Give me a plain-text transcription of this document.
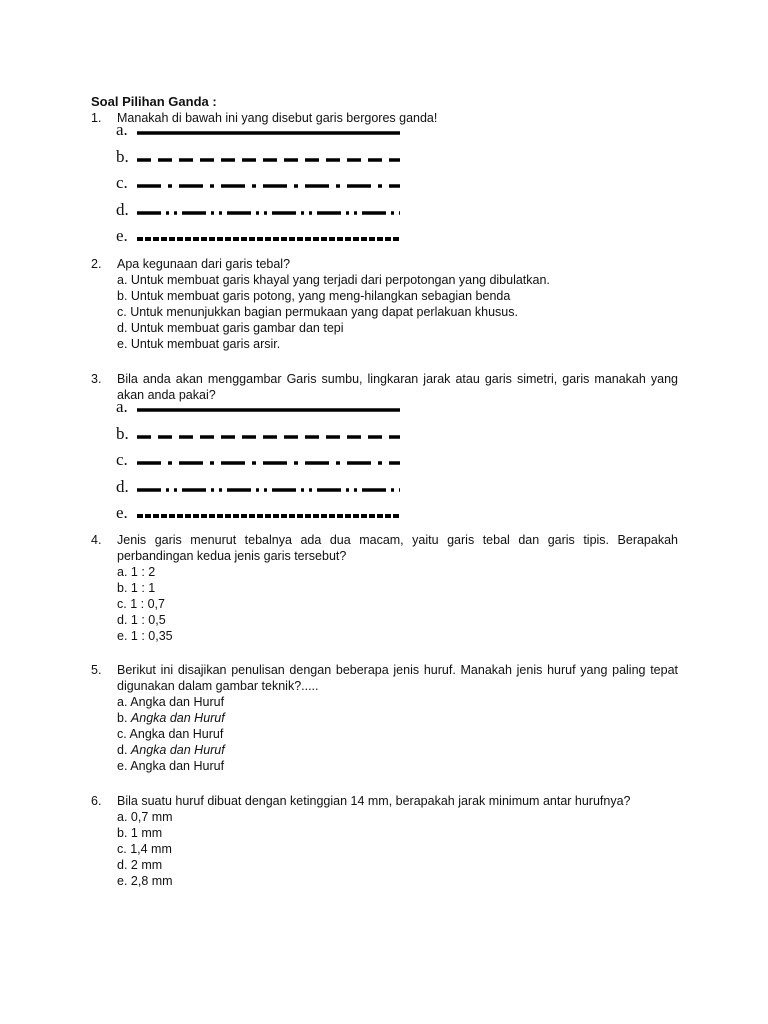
Soal Pilihan Ganda :
1. Manakah di bawah ini yang disebut garis bergores ganda!
a.
b.
c.
d.
e.
2. Apa kegunaan dari garis tebal?
a. Untuk membuat garis khayal yang terjadi dari perpotongan yang dibulatkan.
b. Untuk membuat garis potong, yang meng-hilangkan sebagian benda
c. Untuk menunjukkan bagian permukaan yang dapat perlakuan khusus.
d. Untuk membuat garis gambar dan tepi
e. Untuk membuat garis arsir.
3. Bila anda akan menggambar Garis sumbu, lingkaran jarak atau garis simetri, garis manakah yang akan anda pakai?
a.
b.
c.
d.
e.
4. Jenis garis menurut tebalnya ada dua macam, yaitu garis tebal dan garis tipis. Berapakah perbandingan kedua jenis garis tersebut?
a. 1 : 2
b. 1 : 1
c. 1 : 0,7
d. 1 : 0,5
e. 1 : 0,35
5. Berikut ini disajikan penulisan dengan beberapa jenis huruf. Manakah jenis huruf yang paling tepat digunakan dalam gambar teknik?.....
a. Angka dan Huruf
b. Angka dan Huruf
c. Angka dan Huruf
d. Angka dan Huruf
e. Angka dan Huruf
6. Bila suatu huruf dibuat dengan ketinggian 14 mm, berapakah jarak minimum antar hurufnya?
a. 0,7 mm
b. 1 mm
c. 1,4 mm
d. 2 mm
e. 2,8 mm
